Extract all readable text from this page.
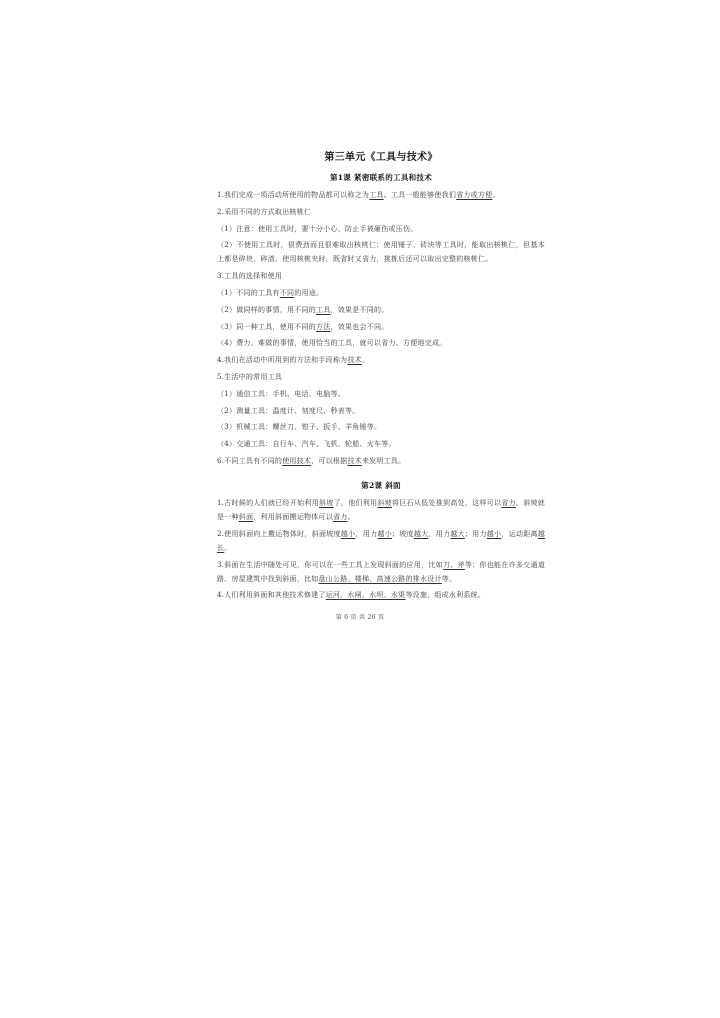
第三单元《工具与技术》
第1课 紧密联系的工具和技术

1.我们完成一项活动所使用的物品都可以称之为工具。工具一般能够使我们省力或方便。

2.采用不同的方式取出核桃仁

（1）注意：使用工具时，要十分小心，防止手被砸伤或压伤。

（2）不使用工具时，很费劲而且很难取出核桃仁；使用锤子、砖块等工具时，能取出核桃仁，但基本上都是碎块、碎渣。使用核桃夹时，既省时又省力，挑拣后还可以取出完整的核桃仁。

3.工具的选择和使用

（1）不同的工具有不同的用途。

（2）做同样的事情，用不同的工具，效果是不同的。

（3）同一种工具，使用不同的方法，效果也会不同。

（4）费力、难做的事情，使用恰当的工具，就可以省力、方便地完成。

4.我们在活动中所用到的方法和手段称为技术。

5.生活中的常用工具

（1）通信工具：手机、电话、电脑等。

（2）测量工具：温度计、刻度尺、秒表等。

（3）机械工具：螺丝刀、钳子、扳手、羊角锤等。

（4）交通工具：自行车、汽车、飞机、轮船、火车等。

6.不同工具有不同的使用技术，可以根据技术来发明工具。

第2课 斜面

1.古时候的人们就已经开始利用斜坡了，他们利用斜坡将巨石从低处推到高处，这样可以省力。斜坡就是一种斜面，利用斜面搬运物体可以省力。

2.使用斜面向上搬运物体时，斜面坡度越小，用力越小；坡度越大，用力越大；用力越小，运动距离越长。

3.斜面在生活中随处可见，你可以在一些工具上发现斜面的应用，比如刀、斧等；你也能在许多交通道路、房屋建筑中找到斜面，比如盘山公路、楼梯、高速公路的排水设计等。

4.人们利用斜面和其他技术修建了运河、水闸、水坝、水渠等设施，组成水利系统。

第 6 页 共 26 页
